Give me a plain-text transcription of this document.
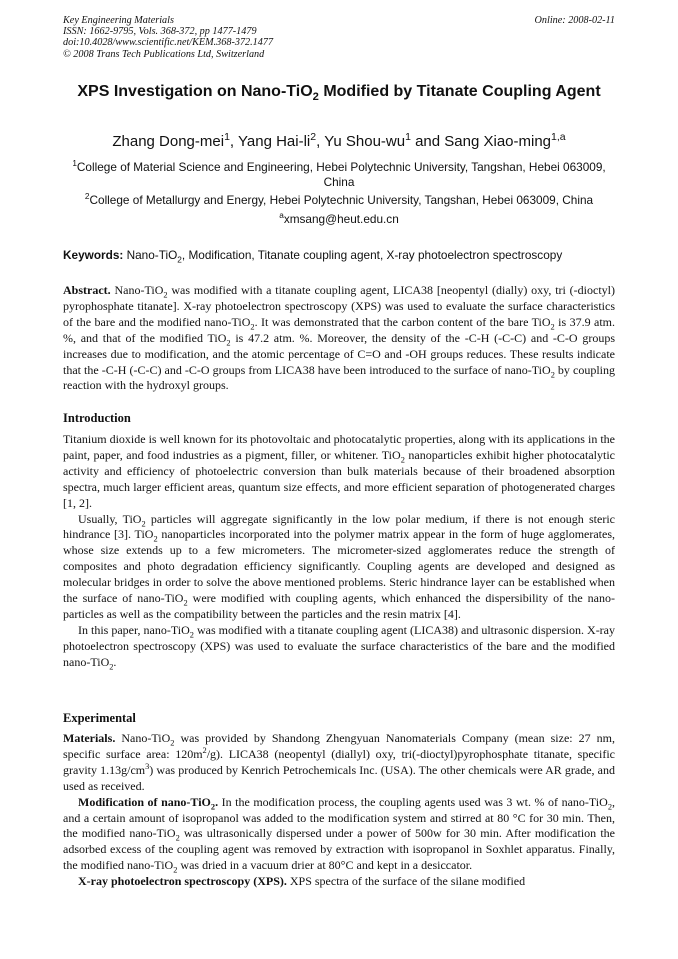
Key Engineering Materials
ISSN: 1662-9795, Vols. 368-372, pp 1477-1479
doi:10.4028/www.scientific.net/KEM.368-372.1477
© 2008 Trans Tech Publications Ltd, Switzerland
Online: 2008-02-11
XPS Investigation on Nano-TiO$_2$ Modified by Titanate Coupling Agent
Zhang Dong-mei$^1$, Yang Hai-$li^2$, Yu Shou-$wu^1$ and Sang Xiao-ming$^{1,a}$
$^1$College of Material Science and Engineering, Hebei Polytechnic University, Tangshan, Hebei 063009, China
$^2$College of Metallurgy and Energy, Hebei Polytechnic University, Tangshan, Hebei 063009, China
$^a$xmsang@heut.edu.cn
Keywords: Nano-TiO$_2$, Modification, Titanate coupling agent, X-ray photoelectron spectroscopy
Abstract. Nano-TiO$_2$ was modified with a titanate coupling agent, LICA38 [neopentyl (dially) oxy, tri (-dioctyl) pyrophosphate titanate]. X-ray photoelectron spectroscopy (XPS) was used to evaluate the surface characteristics of the bare and the modified nano-TiO$_2$. It was demonstrated that the carbon content of the bare TiO$_2$ is 37.9 atm. %, and that of the modified TiO$_2$ is 47.2 atm. %. Moreover, the density of the -C-H (-C-C) and -C-O groups increases due to modification, and the atomic percentage of C=O and -OH groups reduces. These results indicate that the -C-H (-C-C) and -C-O groups from LICA38 have been introduced to the surface of nano-TiO$_2$ by coupling reaction with the hydroxyl groups.
Introduction

Titanium dioxide is well known for its photovoltaic and photocatalytic properties, along with its applications in the paint, paper, and food industries as a pigment, filler, or whitener. TiO$_2$ nanoparticles exhibit higher photocatalytic activity and efficiency of photoelectric conversion than bulk materials because of their broadened absorption spectra, much larger efficient areas, quantum size effects, and more efficient separation of photogenerated charges [1, 2].

Usually, TiO$_2$ particles will aggregate significantly in the low polar medium, if there is not enough steric hindrance [3]. TiO$_2$ nanoparticles incorporated into the polymer matrix appear in the form of huge agglomerates, whose size extends up to a few micrometers. The micrometer-sized agglomerates reduce the strength of composites and photo degradation efficiency significantly. Coupling agents are developed and designed as molecular bridges in order to solve the above mentioned problems. Steric hindrance layer can be established when the surface of nano-TiO$_2$ were modified with coupling agents, which enhanced the dispersibility of the nano-particles as well as the compatibility between the particles and the resin matrix [4].

In this paper, nano-TiO$_2$ was modified with a titanate coupling agent (LICA38) and ultrasonic dispersion. X-ray photoelectron spectroscopy (XPS) was used to evaluate the surface characteristics of the bare and the modified nano-TiO$_2$.

Experimental

Materials. Nano-TiO$_2$ was provided by Shandong Zhengyuan Nanomaterials Company (mean size: 27 nm, specific surface area: $120m^2/g$). LICA38 (neopentyl (diallyl) oxy, tri(-dioctyl)pyrophosphate titanate, specific gravity $1.13g/cm^3$) was produced by Kenrich Petrochemicals Inc. (USA). The other chemicals were AR grade, and used as received.

Modification of nano-TiO$_2$. In the modification process, the coupling agents used was 3 wt. % of nano-TiO$_2$, and a certain amount of isopropanol was added to the modification system and stirred at 80 °C for 30 min. Then, the modified nano-TiO$_2$ was ultrasonically dispersed under a power of 500w for 30 min. After modification the adsorbed excess of the coupling agent was removed by extraction with isopropanol in Soxhlet apparatus. Finally, the modified nano-TiO$_2$ was dried in a vacuum drier at 80°C and kept in a desiccator.

X-ray photoelectron spectroscopy (XPS). XPS spectra of the surface of the silane modified
